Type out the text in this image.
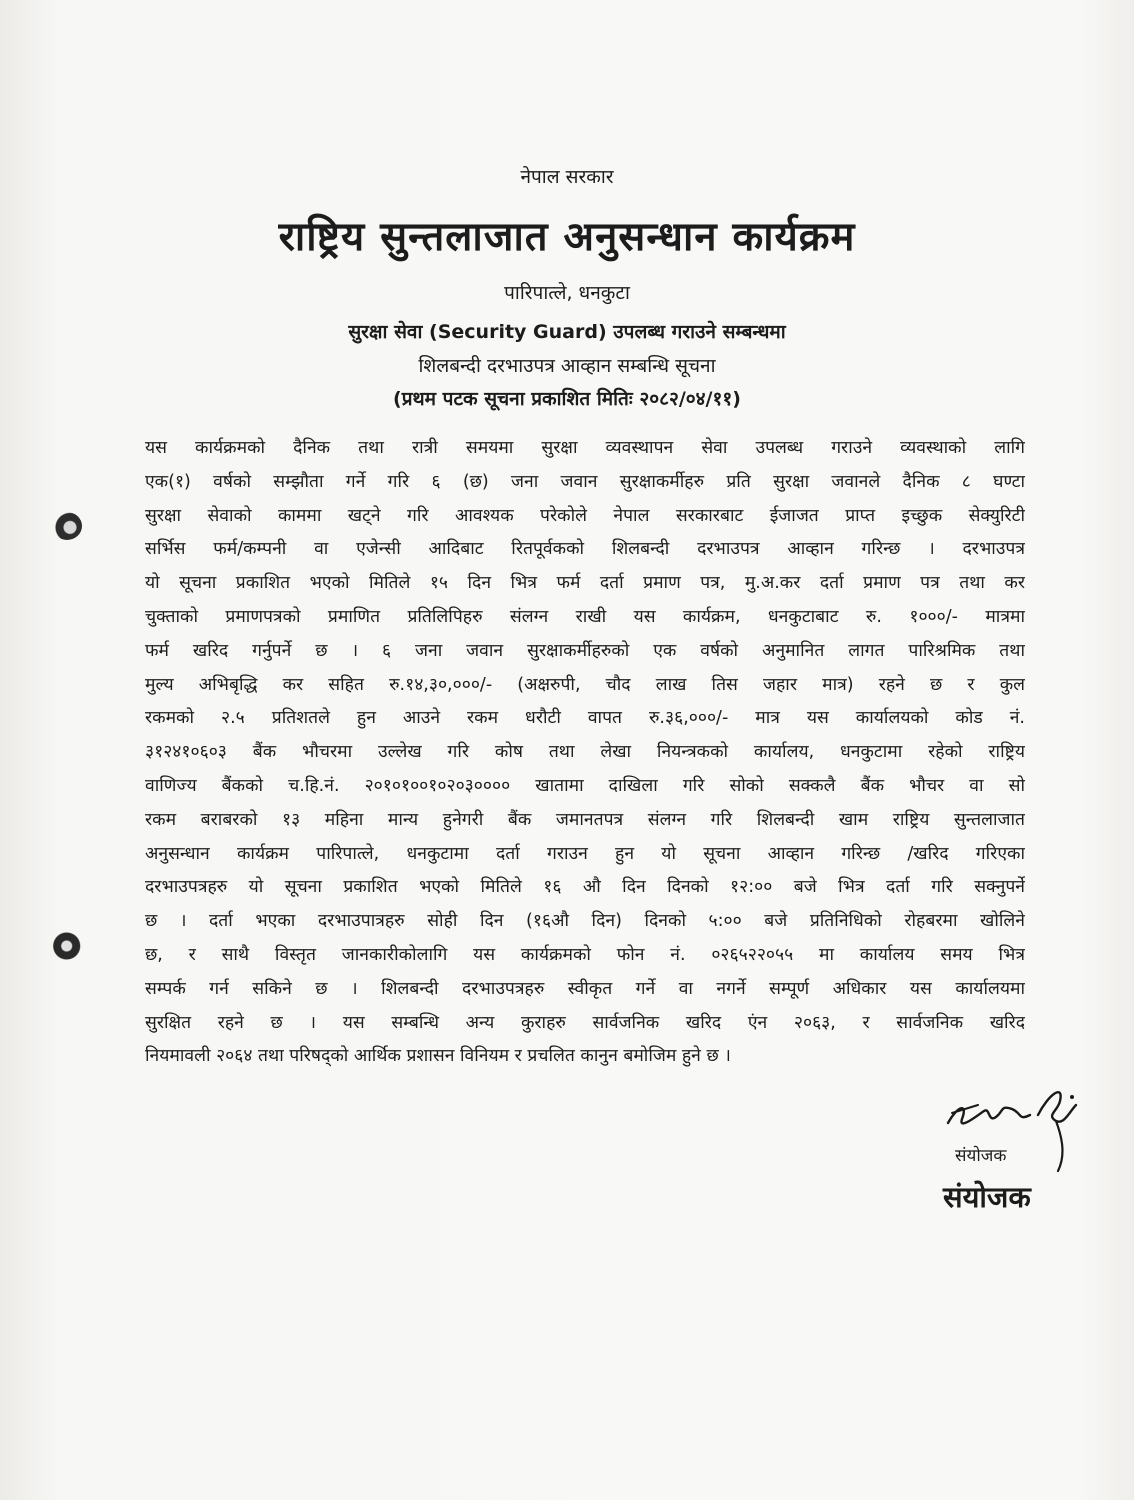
नेपाल सरकार
राष्ट्रिय सुन्तलाजात अनुसन्धान कार्यक्रम
पारिपात्ले, धनकुटा
सुरक्षा सेवा (Security Guard) उपलब्ध गराउने सम्बन्धमा
शिलबन्दी दरभाउपत्र आव्हान सम्बन्धि सूचना
(प्रथम पटक सूचना प्रकाशित मितिः २०८२/०४/११)
यस कार्यक्रमको दैनिक तथा रात्री समयमा सुरक्षा व्यवस्थापन सेवा उपलब्ध गराउने व्यवस्थाको लागि
एक(१) वर्षको सम्झौता गर्ने गरि ६ (छ) जना जवान सुरक्षाकर्मीहरु प्रति सुरक्षा जवानले दैनिक ८ घण्टा
सुरक्षा सेवाको काममा खट्ने गरि आवश्यक परेकोले नेपाल सरकारबाट ईजाजत प्राप्त इच्छुक सेक्युरिटी
सर्भिस फर्म/कम्पनी वा एजेन्सी आदिबाट रितपूर्वकको शिलबन्दी दरभाउपत्र आव्हान गरिन्छ । दरभाउपत्र
यो सूचना प्रकाशित भएको मितिले १५ दिन भित्र फर्म दर्ता प्रमाण पत्र, मु.अ.कर दर्ता प्रमाण पत्र तथा कर
चुक्ताको प्रमाणपत्रको प्रमाणित प्रतिलिपिहरु संलग्न राखी यस कार्यक्रम, धनकुटाबाट रु. १०००/- मात्रमा
फर्म खरिद गर्नुपर्ने छ । ६ जना जवान सुरक्षाकर्मीहरुको एक वर्षको अनुमानित लागत पारिश्रमिक तथा
मुल्य अभिबृद्धि कर सहित रु.१४,३०,०००/- (अक्षरुपी, चौद लाख तिस जहार मात्र) रहने छ र कुल
रकमको २.५ प्रतिशतले हुन आउने रकम धरौटी वापत रु.३६,०००/- मात्र यस कार्यालयको कोड नं.
३१२४१०६०३ बैंक भौचरमा उल्लेख गरि कोष तथा लेखा नियन्त्रकको कार्यालय, धनकुटामा रहेको राष्ट्रिय
वाणिज्य बैंकको च.हि.नं. २०१०१००१०२०३०००० खातामा दाखिला गरि सोको सक्कलै बैंक भौचर वा सो
रकम बराबरको १३ महिना मान्य हुनेगरी बैंक जमानतपत्र संलग्न गरि शिलबन्दी खाम राष्ट्रिय सुन्तलाजात
अनुसन्धान कार्यक्रम पारिपात्ले, धनकुटामा दर्ता गराउन हुन यो सूचना आव्हान गरिन्छ /खरिद गरिएका
दरभाउपत्रहरु यो सूचना प्रकाशित भएको मितिले १६ औ दिन दिनको १२:०० बजे भित्र दर्ता गरि सक्नुपर्ने
छ । दर्ता भएका दरभाउपात्रहरु सोही दिन (१६औ दिन) दिनको ५:०० बजे प्रतिनिधिको रोहबरमा खोलिने
छ, र साथै विस्तृत जानकारीकोलागि यस कार्यक्रमको फोन नं. ०२६५२२०५५ मा कार्यालय समय भित्र
सम्पर्क गर्न सकिने छ । शिलबन्दी दरभाउपत्रहरु स्वीकृत गर्ने वा नगर्ने सम्पूर्ण अधिकार यस कार्यालयमा
सुरक्षित रहने छ । यस सम्बन्धि अन्य कुराहरु सार्वजनिक खरिद एंन २०६३, र सार्वजनिक खरिद
नियमावली २०६४ तथा परिषद्को आर्थिक प्रशासन विनियम र प्रचलित कानुन बमोजिम हुने छ ।
संयोजक
संयोजक
